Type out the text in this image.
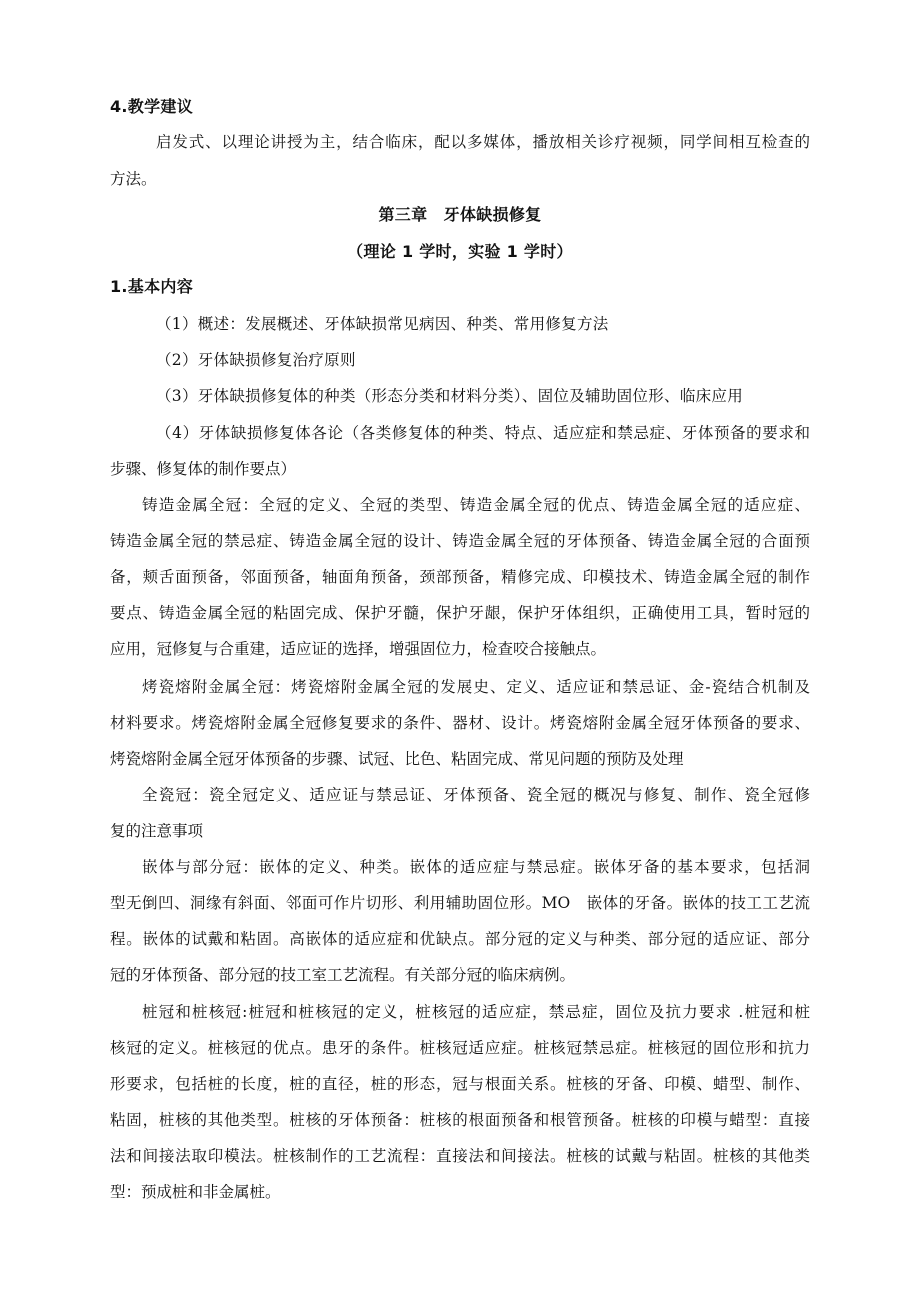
4.教学建议
启发式、以理论讲授为主，结合临床，配以多媒体，播放相关诊疗视频，同学间相互检查的
方法。
第三章　牙体缺损修复
（理论 1 学时，实验 1 学时）
1.基本内容
（1）概述：发展概述、牙体缺损常见病因、种类、常用修复方法
（2）牙体缺损修复治疗原则
（3）牙体缺损修复体的种类（形态分类和材料分类）、固位及辅助固位形、临床应用
（4）牙体缺损修复体各论（各类修复体的种类、特点、适应症和禁忌症、牙体预备的要求和
步骤、修复体的制作要点）
铸造金属全冠：全冠的定义、全冠的类型、铸造金属全冠的优点、铸造金属全冠的适应症、
铸造金属全冠的禁忌症、铸造金属全冠的设计、铸造金属全冠的牙体预备、铸造金属全冠的合面预
备，颊舌面预备，邻面预备，轴面角预备，颈部预备，精修完成、印模技术、铸造金属全冠的制作
要点、铸造金属全冠的粘固完成、保护牙髓，保护牙龈，保护牙体组织，正确使用工具，暂时冠的
应用，冠修复与合重建，适应证的选择，增强固位力，检查咬合接触点。
烤瓷熔附金属全冠：烤瓷熔附金属全冠的发展史、定义、适应证和禁忌证、金-瓷结合机制及
材料要求。烤瓷熔附金属全冠修复要求的条件、器材、设计。烤瓷熔附金属全冠牙体预备的要求、
烤瓷熔附金属全冠牙体预备的步骤、试冠、比色、粘固完成、常见问题的预防及处理
全瓷冠：瓷全冠定义、适应证与禁忌证、牙体预备、瓷全冠的概况与修复、制作、瓷全冠修
复的注意事项
嵌体与部分冠：嵌体的定义、种类。嵌体的适应症与禁忌症。嵌体牙备的基本要求，包括洞
型无倒凹、洞缘有斜面、邻面可作片切形、利用辅助固位形。MO　嵌体的牙备。嵌体的技工工艺流
程。嵌体的试戴和粘固。高嵌体的适应症和优缺点。部分冠的定义与种类、部分冠的适应证、部分
冠的牙体预备、部分冠的技工室工艺流程。有关部分冠的临床病例。
桩冠和桩核冠:桩冠和桩核冠的定义，桩核冠的适应症，禁忌症，固位及抗力要求 .桩冠和桩
核冠的定义。桩核冠的优点。患牙的条件。桩核冠适应症。桩核冠禁忌症。桩核冠的固位形和抗力
形要求，包括桩的长度，桩的直径，桩的形态，冠与根面关系。桩核的牙备、印模、蜡型、制作、
粘固，桩核的其他类型。桩核的牙体预备：桩核的根面预备和根管预备。桩核的印模与蜡型：直接
法和间接法取印模法。桩核制作的工艺流程：直接法和间接法。桩核的试戴与粘固。桩核的其他类
型：预成桩和非金属桩。
